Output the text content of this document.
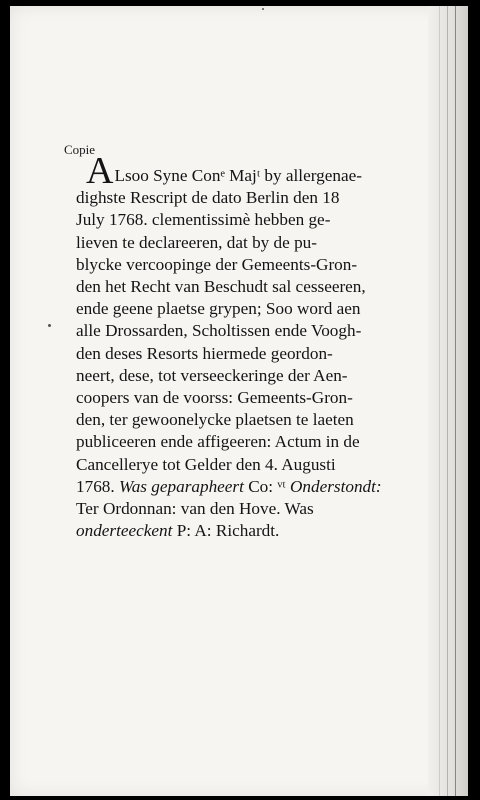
Copie
ALsoo Syne Conᵉ Majᵗ by allergenae-
dighste Rescript de dato Berlin den 18
July 1768. clementissimè hebben ge-
lieven te declareeren, dat by de pu-
blycke vercoopinge der Gemeents-Gron-
den het Recht van Beschudt sal cesseeren,
ende geene plaetse grypen; Soo word aen
alle Drossarden, Scholtissen ende Voogh-
den deses Resorts hiermede geordon-
neert, dese, tot verseeckeringe der Aen-
coopers van de voorss: Gemeents-Gron-
den, ter gewoonelycke plaetsen te laeten
publiceeren ende affigeeren: Actum in de
Cancellerye tot Gelder den 4. Augusti
1768. Was geparapheert Co: ᵛᵗ Onderstondt:
Ter Ordonnan: van den Hove. Was
onderteeckent P: A: Richardt.
